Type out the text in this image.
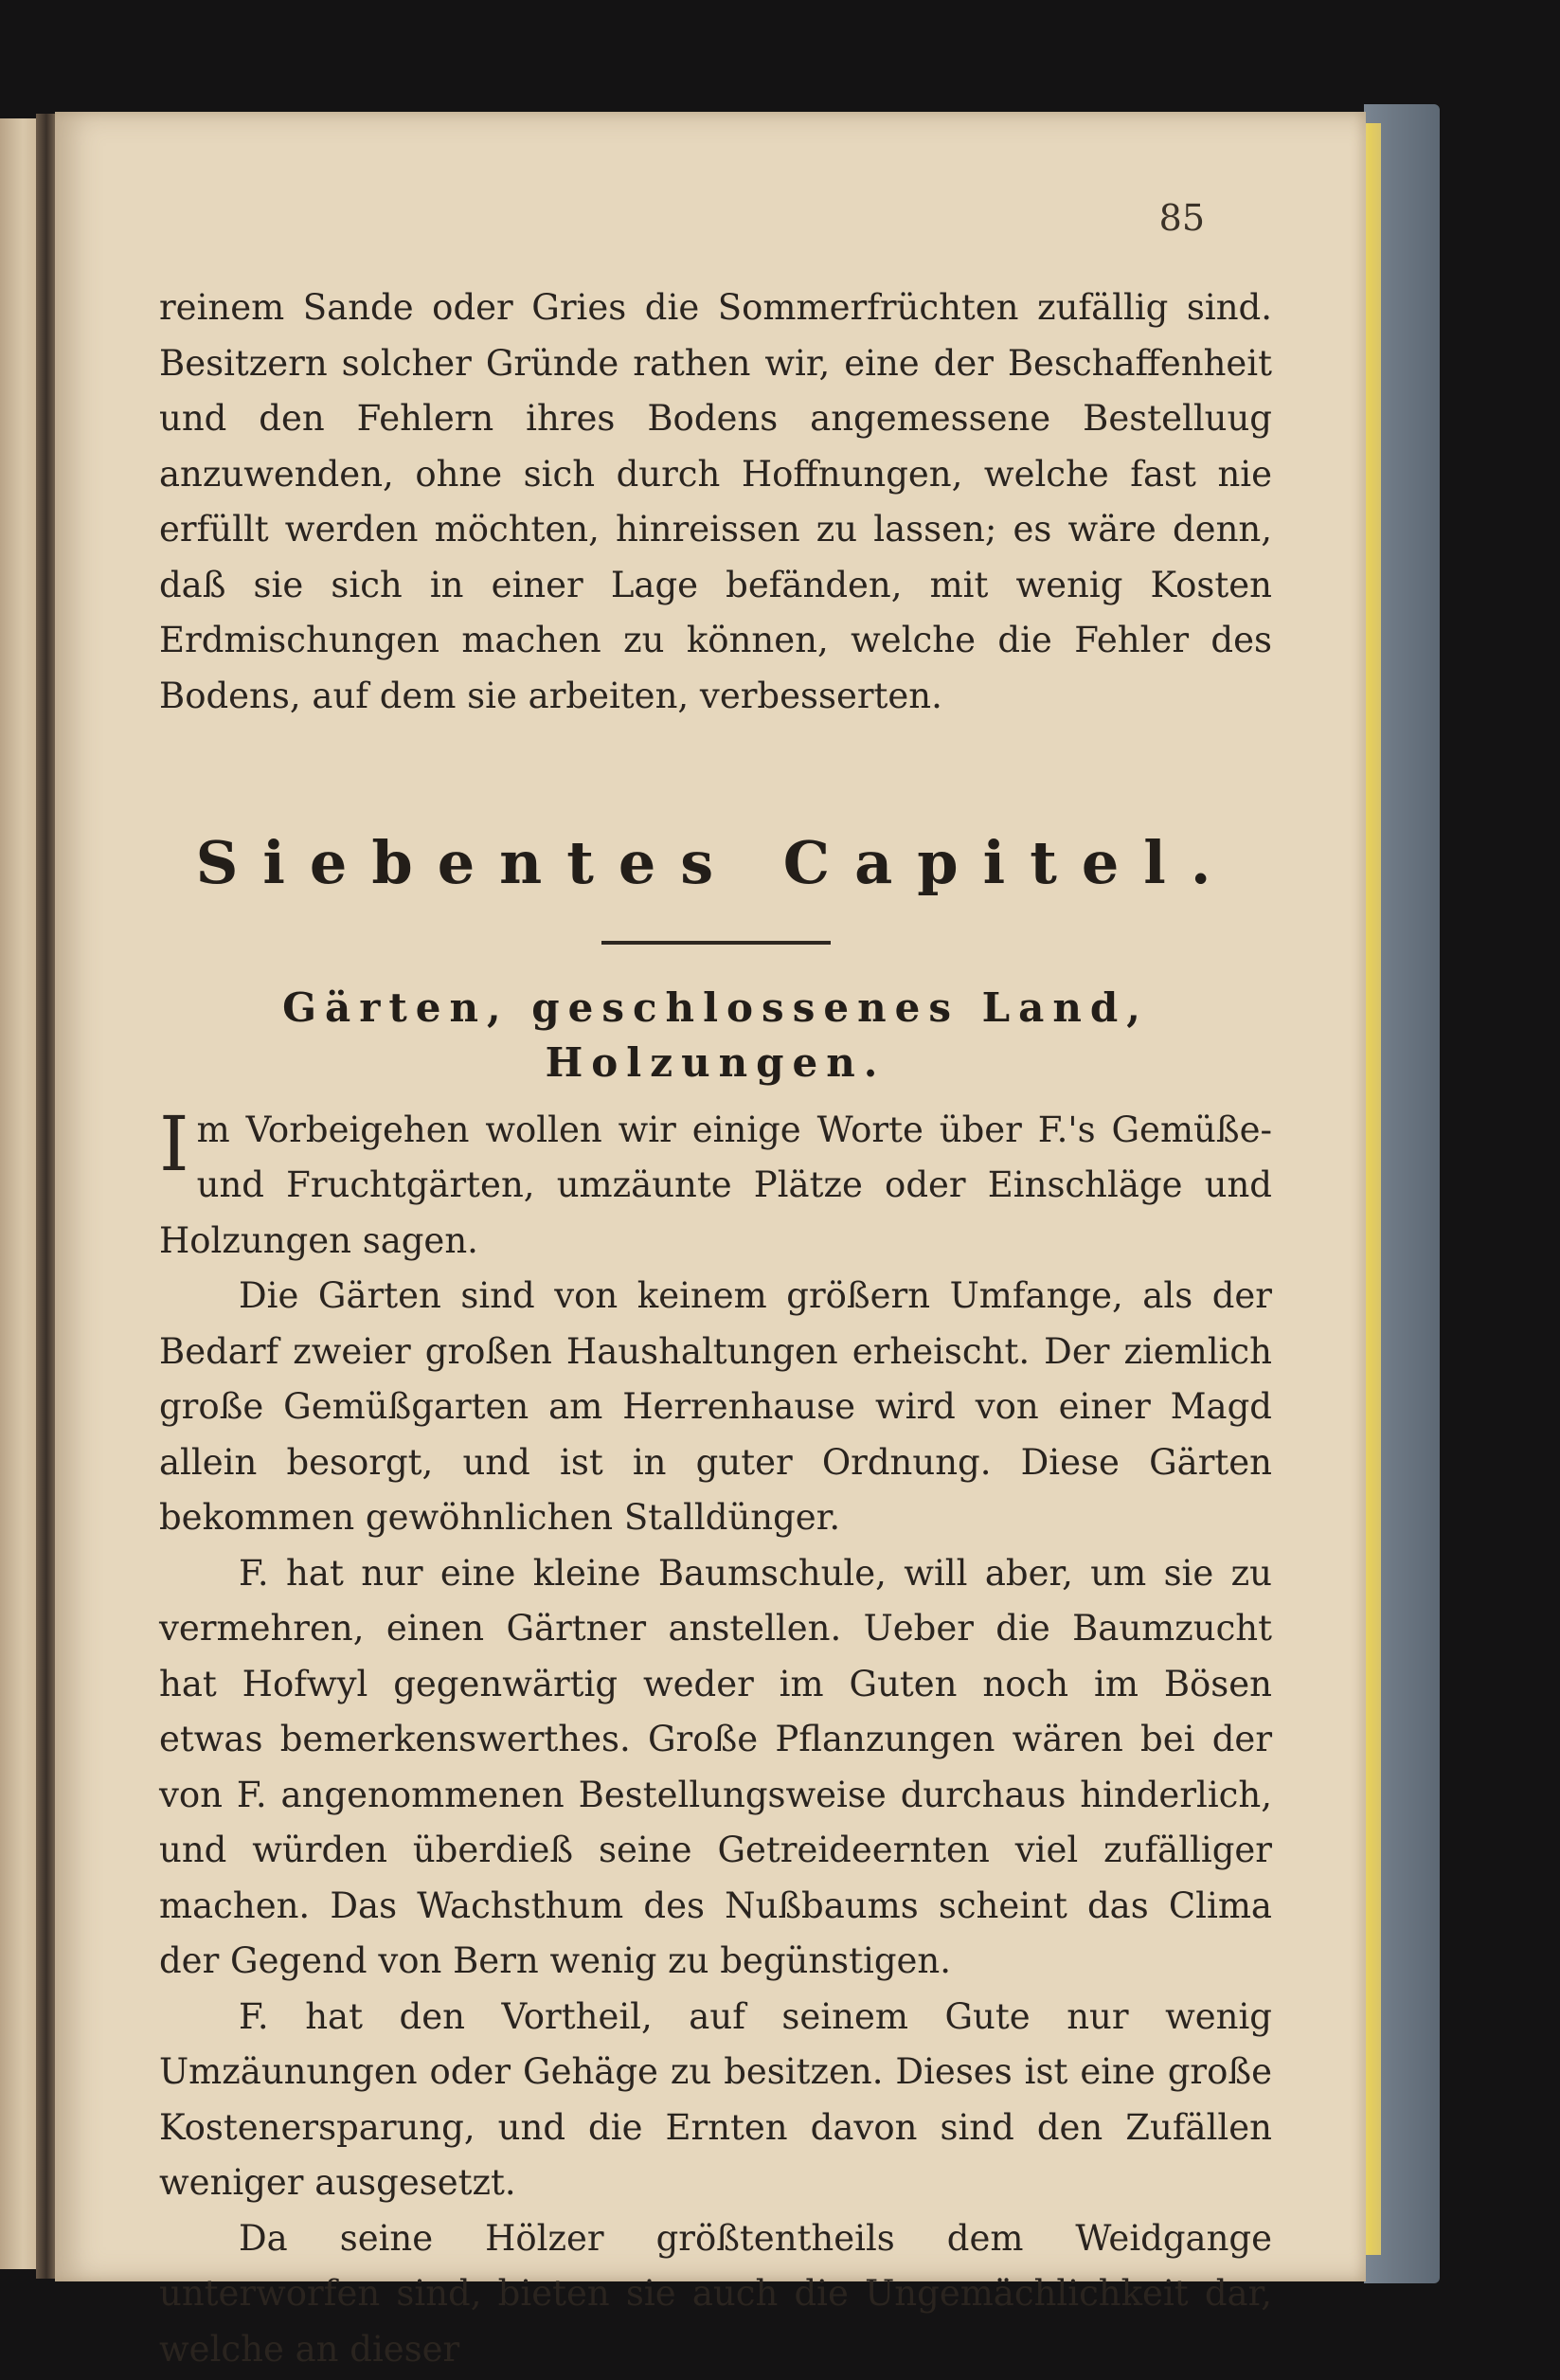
85

reinem Sande oder Gries die Sommerfrüchten zufällig sind. Besitzern solcher Gründe rathen wir, eine der Beschaffenheit und den Fehlern ihres Bodens angemessene Bestelluug anzuwenden, ohne sich durch Hoffnungen, welche fast nie erfüllt werden möchten, hinreissen zu lassen; es wäre denn, daß sie sich in einer Lage befänden, mit wenig Kosten Erdmischungen machen zu können, welche die Fehler des Bodens, auf dem sie arbeiten, verbesserten.

Siebentes Capitel.
Gärten, geschlossenes Land, Holzungen.

Im Vorbeigehen wollen wir einige Worte über F.'s Gemüße- und Fruchtgärten, umzäunte Plätze oder Einschläge und Holzungen sagen.

Die Gärten sind von keinem größern Umfange, als der Bedarf zweier großen Haushaltungen erheischt. Der ziemlich große Gemüßgarten am Herrenhause wird von einer Magd allein besorgt, und ist in guter Ordnung. Diese Gärten bekommen gewöhnlichen Stalldünger.

F. hat nur eine kleine Baumschule, will aber, um sie zu vermehren, einen Gärtner anstellen. Ueber die Baumzucht hat Hofwyl gegenwärtig weder im Guten noch im Bösen etwas bemerkenswerthes. Große Pflanzungen wären bei der von F. angenommenen Bestellungsweise durchaus hinderlich, und würden überdieß seine Getreideernten viel zufälliger machen. Das Wachsthum des Nußbaums scheint das Clima der Gegend von Bern wenig zu begünstigen.

F. hat den Vortheil, auf seinem Gute nur wenig Umzäunungen oder Gehäge zu besitzen. Dieses ist eine große Kostenersparung, und die Ernten davon sind den Zufällen weniger ausgesetzt.

Da seine Hölzer größtentheils dem Weidgange unterworfen sind, bieten sie auch die Ungemächlichkeit dar, welche an dieser
